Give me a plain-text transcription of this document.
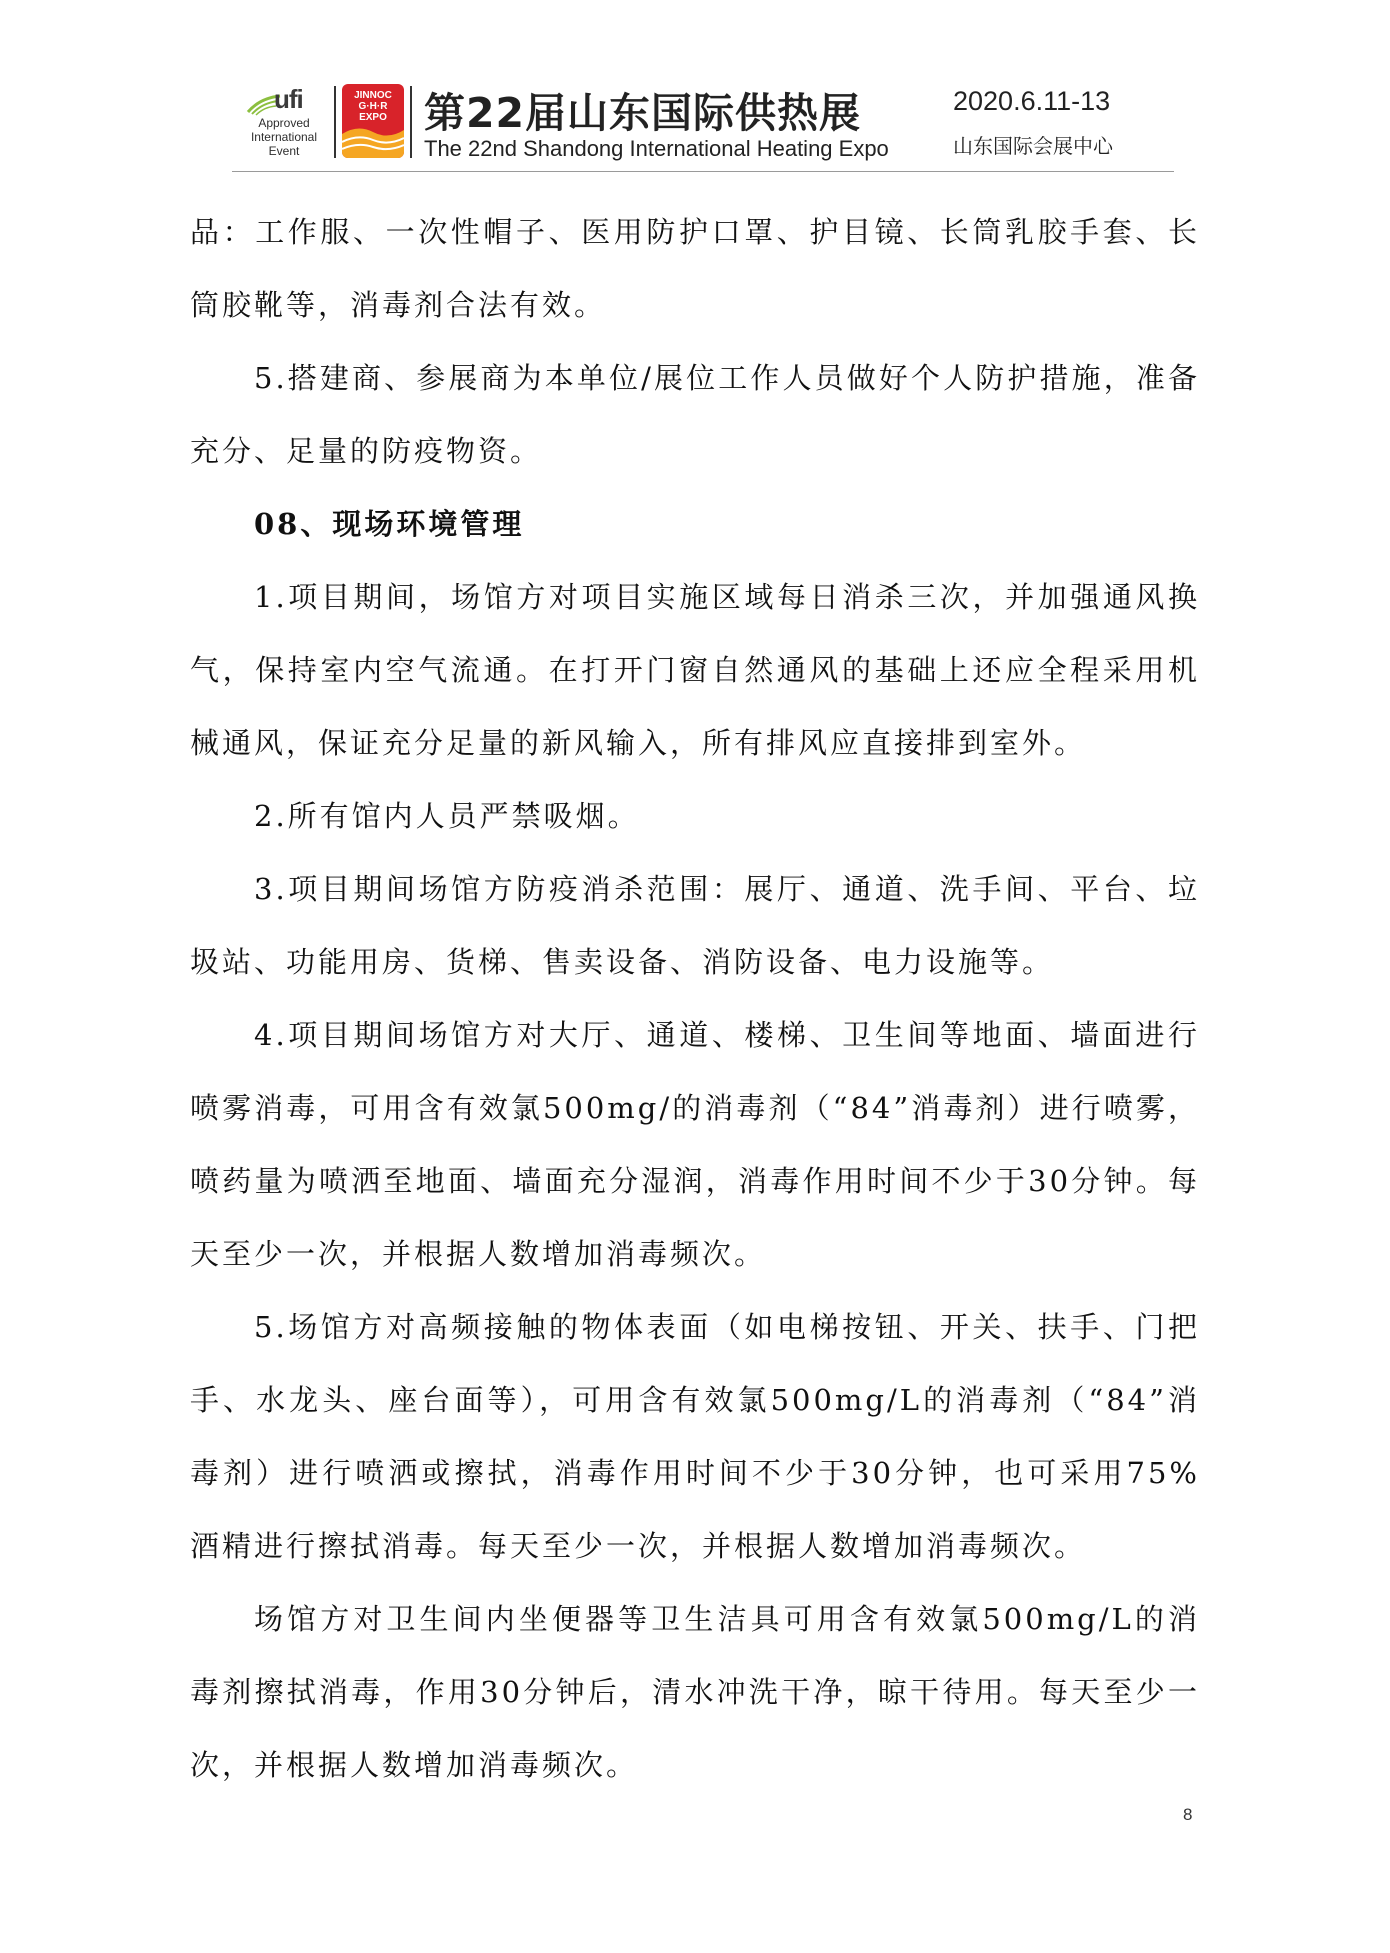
ufi
Approved
International
Event
JINNOC
G·H·R
EXPO 第22届山东国际供热展
The 22nd Shandong International Heating Expo
2020.6.11-13
山东国际会展中心

品：工作服、一次性帽子、医用防护口罩、护目镜、长筒乳胶手套、长筒胶靴等，消毒剂合法有效。

5.搭建商、参展商为本单位/展位工作人员做好个人防护措施，准备充分、足量的防疫物资。

08、现场环境管理

1.项目期间，场馆方对项目实施区域每日消杀三次，并加强通风换气，保持室内空气流通。在打开门窗自然通风的基础上还应全程采用机械通风，保证充分足量的新风输入，所有排风应直接排到室外。

2.所有馆内人员严禁吸烟。

3.项目期间场馆方防疫消杀范围：展厅、通道、洗手间、平台、垃圾站、功能用房、货梯、售卖设备、消防设备、电力设施等。

4.项目期间场馆方对大厅、通道、楼梯、卫生间等地面、墙面进行喷雾消毒，可用含有效氯500mg/的消毒剂（“84”消毒剂）进行喷雾，喷药量为喷洒至地面、墙面充分湿润，消毒作用时间不少于30分钟。每天至少一次，并根据人数增加消毒频次。

5.场馆方对高频接触的物体表面（如电梯按钮、开关、扶手、门把手、水龙头、座台面等），可用含有效氯500mg/L的消毒剂（“84”消毒剂）进行喷洒或擦拭，消毒作用时间不少于30分钟，也可采用75%酒精进行擦拭消毒。每天至少一次，并根据人数增加消毒频次。

场馆方对卫生间内坐便器等卫生洁具可用含有效氯500mg/L的消毒剂擦拭消毒，作用30分钟后，清水冲洗干净，晾干待用。每天至少一次，并根据人数增加消毒频次。

8
